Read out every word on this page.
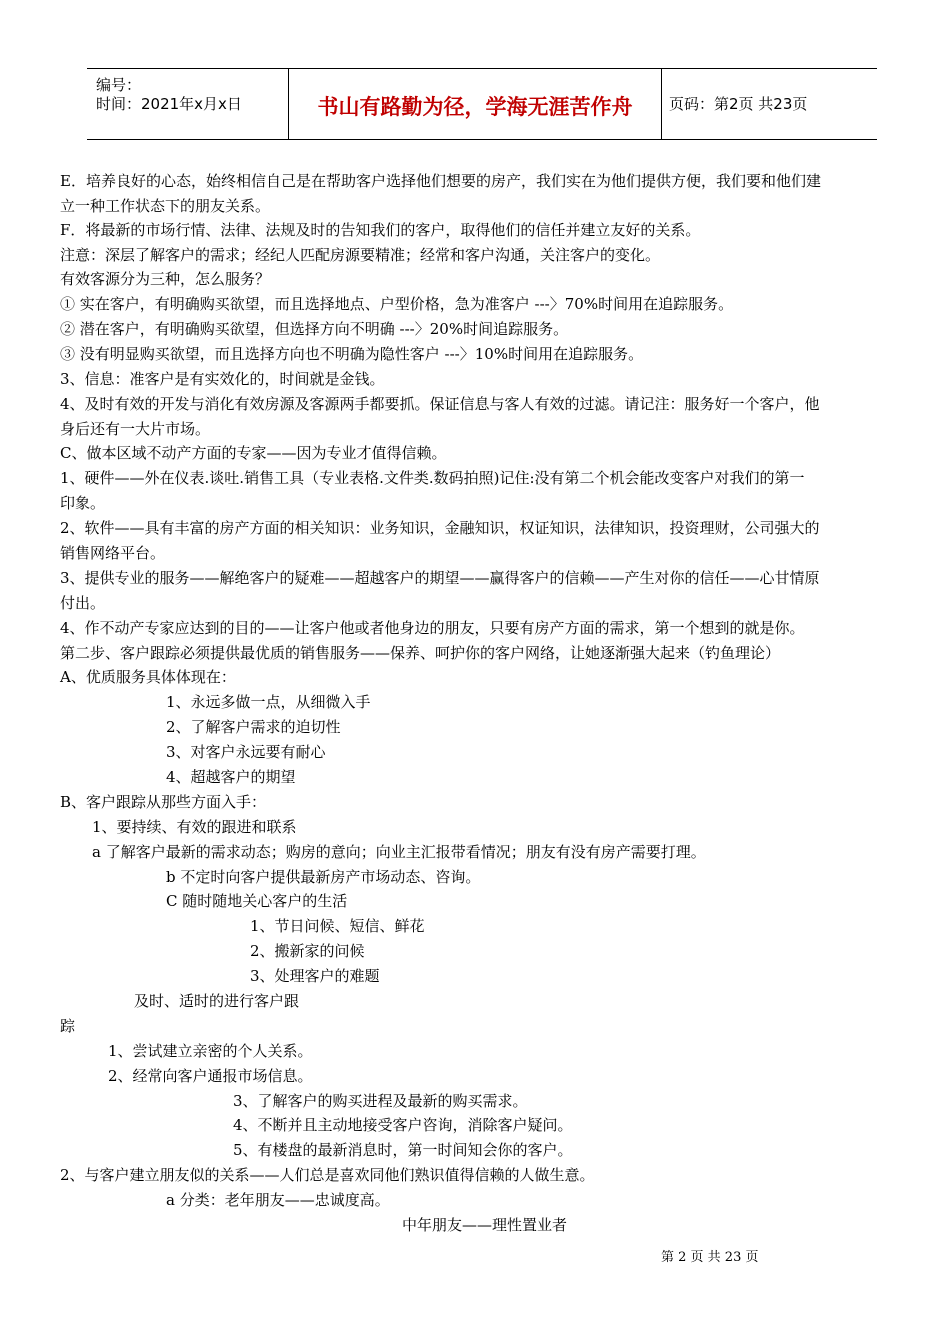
编号：
时间：2021年x月x日	书山有路勤为径，学海无涯苦作舟	页码：第2页 共23页
E．培养良好的心态，始终相信自己是在帮助客户选择他们想要的房产，我们实在为他们提供方便，我们要和他们建
立一种工作状态下的朋友关系。
F．将最新的市场行情、法律、法规及时的告知我们的客户，取得他们的信任并建立友好的关系。
注意：深层了解客户的需求；经纪人匹配房源要精准；经常和客户沟通，关注客户的变化。
有效客源分为三种，怎么服务？
① 实在客户，有明确购买欲望，而且选择地点、户型价格，急为准客户 ---〉70%时间用在追踪服务。
② 潜在客户，有明确购买欲望，但选择方向不明确 ---〉20%时间追踪服务。
③ 没有明显购买欲望，而且选择方向也不明确为隐性客户 ---〉10%时间用在追踪服务。
3、信息：准客户是有实效化的，时间就是金钱。
4、及时有效的开发与消化有效房源及客源两手都要抓。保证信息与客人有效的过滤。请记注：服务好一个客户，他
身后还有一大片市场。
C、做本区域不动产方面的专家——因为专业才值得信赖。
1、硬件——外在仪表.谈吐.销售工具（专业表格.文件类.数码拍照)记住:没有第二个机会能改变客户对我们的第一
印象。
2、软件——具有丰富的房产方面的相关知识：业务知识，金融知识，权证知识，法律知识，投资理财，公司强大的
销售网络平台。
3、提供专业的服务——解绝客户的疑难——超越客户的期望——赢得客户的信赖——产生对你的信任——心甘情原
付出。
4、作不动产专家应达到的目的——让客户他或者他身边的朋友，只要有房产方面的需求，第一个想到的就是你。
第二步、客户跟踪必须提供最优质的销售服务——保养、呵护你的客户网络，让她逐渐强大起来（钓鱼理论）
A、优质服务具体体现在：
1、永远多做一点，从细微入手
2、了解客户需求的迫切性
3、对客户永远要有耐心
4、超越客户的期望
B、客户跟踪从那些方面入手：
1、要持续、有效的跟进和联系
a 了解客户最新的需求动态；购房的意向；向业主汇报带看情况；朋友有没有房产需要打理。
b 不定时向客户提供最新房产市场动态、咨询。
C 随时随地关心客户的生活
1、节日问候、短信、鲜花
2、搬新家的问候
3、处理客户的难题
及时、适时的进行客户跟
踪
1、尝试建立亲密的个人关系。
2、经常向客户通报市场信息。
3、了解客户的购买进程及最新的购买需求。
4、不断并且主动地接受客户咨询，消除客户疑问。
5、有楼盘的最新消息时，第一时间知会你的客户。
2、与客户建立朋友似的关系——人们总是喜欢同他们熟识值得信赖的人做生意。
a 分类：老年朋友——忠诚度高。
中年朋友——理性置业者
第 2 页 共 23 页
